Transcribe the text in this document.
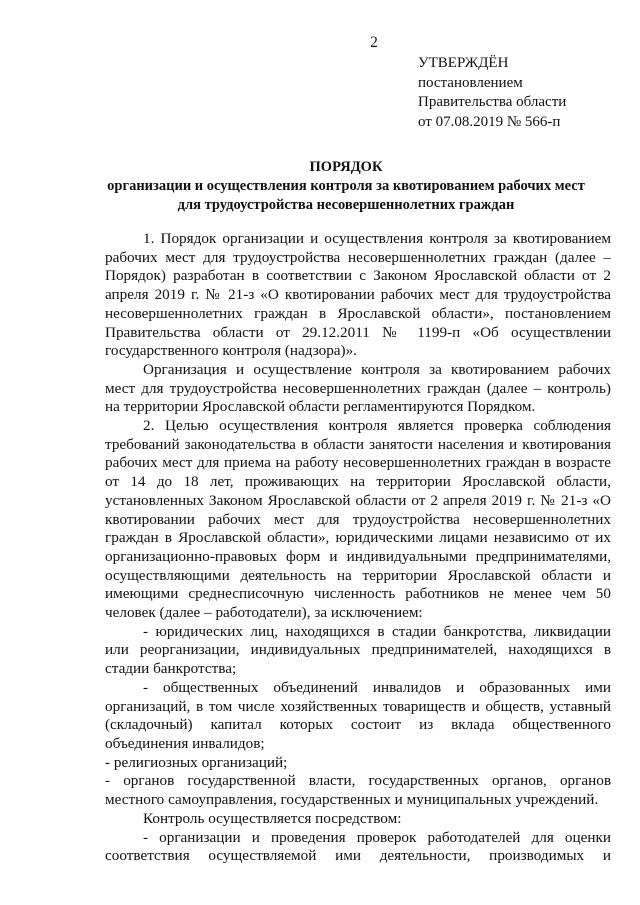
2
УТВЕРЖДЁН
постановлением
Правительства области
от 07.08.2019 № 566-п
ПОРЯДОК
организации и осуществления контроля за квотированием рабочих мест
для трудоустройства несовершеннолетних граждан

1. Порядок организации и осуществления контроля за квотированием рабочих мест для трудоустройства несовершеннолетних граждан (далее – Порядок) разработан в соответствии с Законом Ярославской области от 2 апреля 2019 г. № 21-з «О квотировании рабочих мест для трудоустройства несовершеннолетних граждан в Ярославской области», постановлением Правительства области от 29.12.2011 № 1199-п «Об осуществлении государственного контроля (надзора)».

Организация и осуществление контроля за квотированием рабочих мест для трудоустройства несовершеннолетних граждан (далее – контроль) на территории Ярославской области регламентируются Порядком.

2. Целью осуществления контроля является проверка соблюдения требований законодательства в области занятости населения и квотирования рабочих мест для приема на работу несовершеннолетних граждан в возрасте от 14 до 18 лет, проживающих на территории Ярославской области, установленных Законом Ярославской области от 2 апреля 2019 г. № 21-з «О квотировании рабочих мест для трудоустройства несовершеннолетних граждан в Ярославской области», юридическими лицами независимо от их организационно-правовых форм и индивидуальными предпринимателями, осуществляющими деятельность на территории Ярославской области и имеющими среднесписочную численность работников не менее чем 50 человек (далее – работодатели), за исключением:

- юридических лиц, находящихся в стадии банкротства, ликвидации или реорганизации, индивидуальных предпринимателей, находящихся в стадии банкротства;

- общественных объединений инвалидов и образованных ими организаций, в том числе хозяйственных товариществ и обществ, уставный (складочный) капитал которых состоит из вклада общественного объединения инвалидов;

- религиозных организаций;

- органов государственной власти, государственных органов, органов местного самоуправления, государственных и муниципальных учреждений.

Контроль осуществляется посредством:

- организации и проведения проверок работодателей для оценки соответствия осуществляемой ими деятельности, производимых и
